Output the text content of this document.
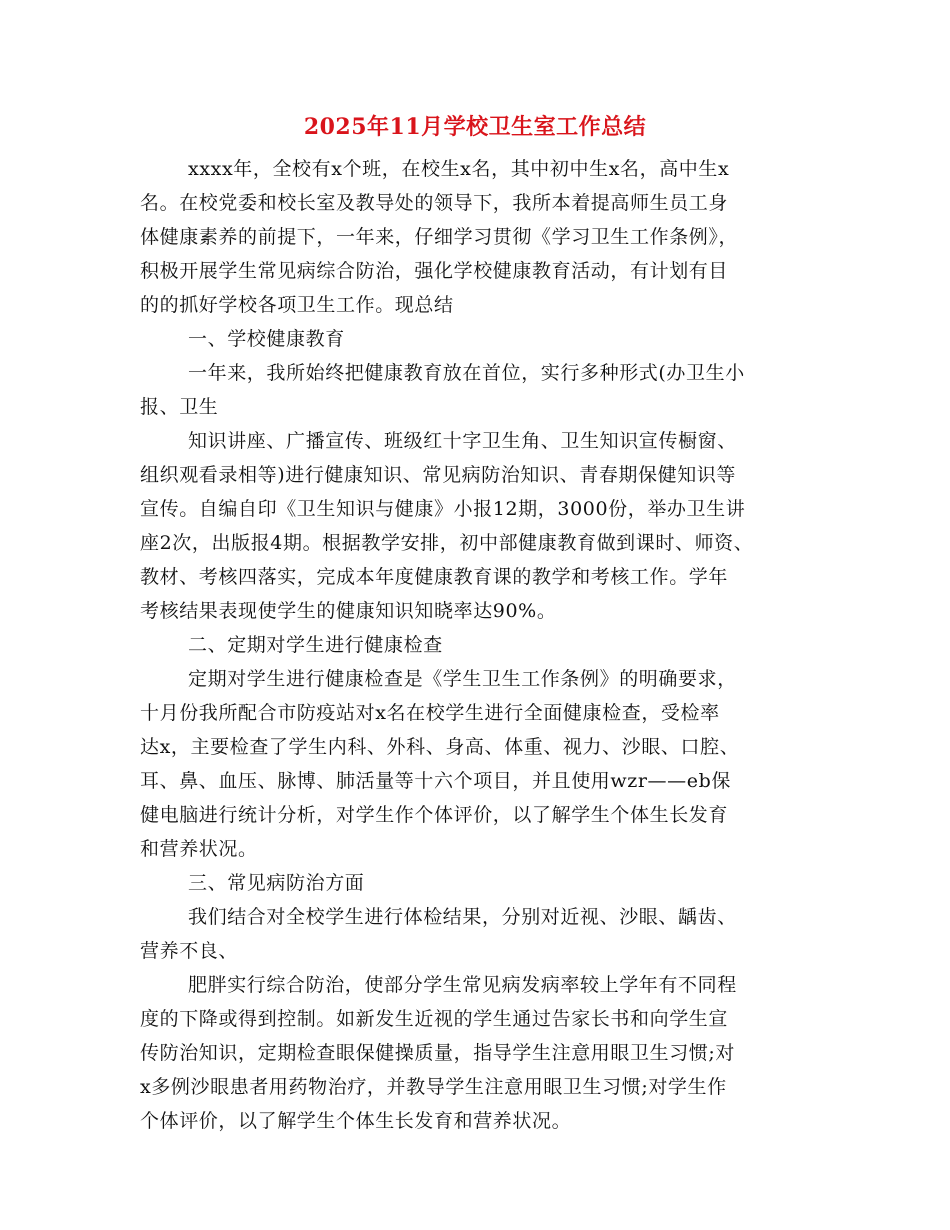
2025年11月学校卫生室工作总结
xxxx年，全校有x个班，在校生x名，其中初中生x名，高中生x
名。在校党委和校长室及教导处的领导下，我所本着提高师生员工身
体健康素养的前提下，一年来，仔细学习贯彻《学习卫生工作条例》，
积极开展学生常见病综合防治，强化学校健康教育活动，有计划有目
的的抓好学校各项卫生工作。现总结
一、学校健康教育
一年来，我所始终把健康教育放在首位，实行多种形式(办卫生小
报、卫生
知识讲座、广播宣传、班级红十字卫生角、卫生知识宣传橱窗、
组织观看录相等)进行健康知识、常见病防治知识、青春期保健知识等
宣传。自编自印《卫生知识与健康》小报12期，3000份，举办卫生讲
座2次，出版报4期。根据教学安排，初中部健康教育做到课时、师资、
教材、考核四落实，完成本年度健康教育课的教学和考核工作。学年
考核结果表现使学生的健康知识知晓率达90%。
二、定期对学生进行健康检查
定期对学生进行健康检查是《学生卫生工作条例》的明确要求，
十月份我所配合市防疫站对x名在校学生进行全面健康检查，受检率
达x，主要检查了学生内科、外科、身高、体重、视力、沙眼、口腔、
耳、鼻、血压、脉博、肺活量等十六个项目，并且使用wzr——eb保
健电脑进行统计分析，对学生作个体评价，以了解学生个体生长发育
和营养状况。
三、常见病防治方面
我们结合对全校学生进行体检结果，分别对近视、沙眼、龋齿、
营养不良、
肥胖实行综合防治，使部分学生常见病发病率较上学年有不同程
度的下降或得到控制。如新发生近视的学生通过告家长书和向学生宣
传防治知识，定期检查眼保健操质量，指导学生注意用眼卫生习惯;对
x多例沙眼患者用药物治疗，并教导学生注意用眼卫生习惯;对学生作
个体评价，以了解学生个体生长发育和营养状况。
